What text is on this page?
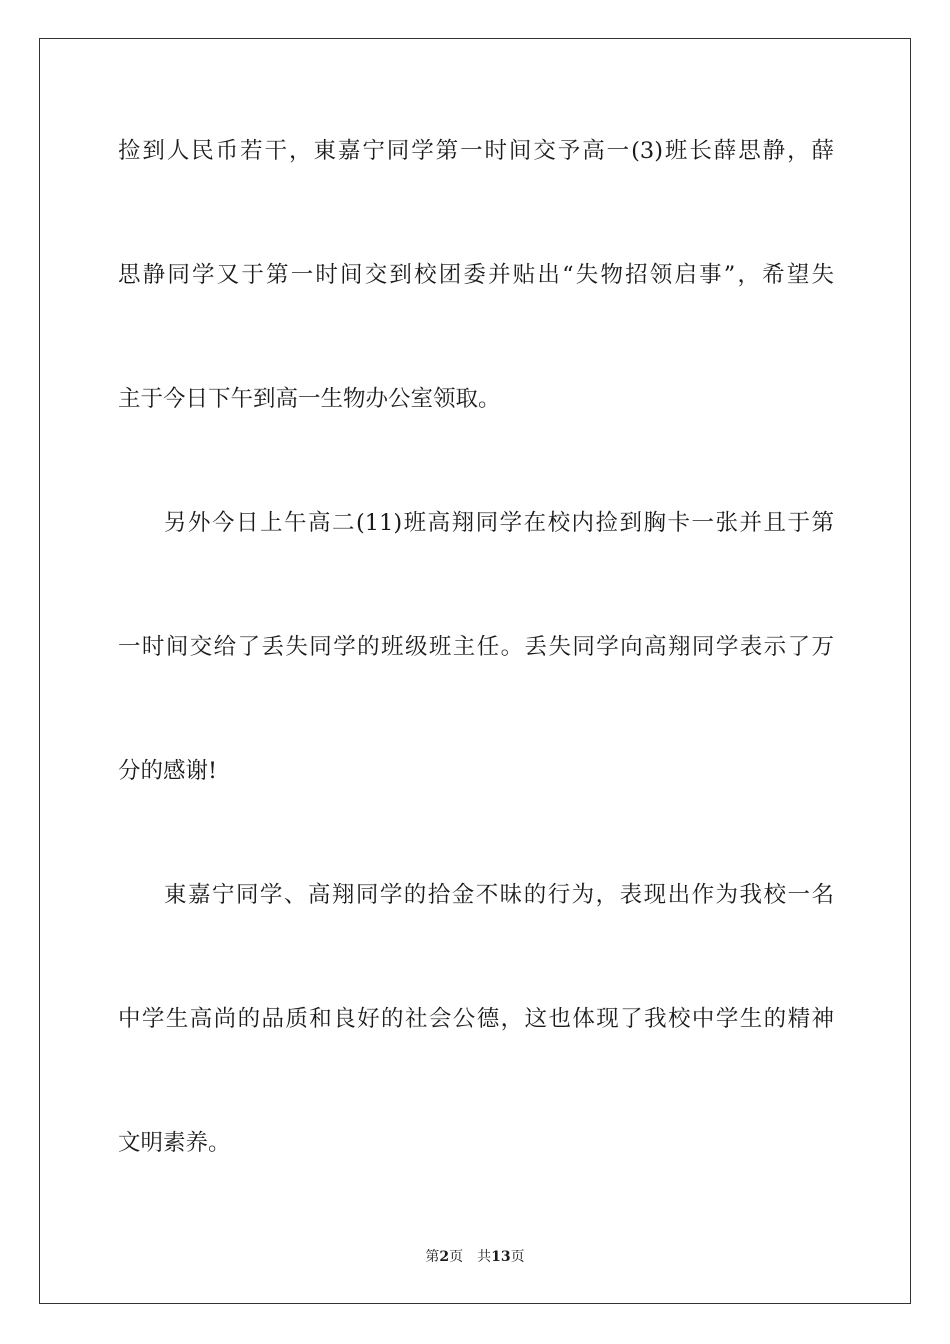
捡到人民币若干，東嘉宁同学第一时间交予高一(3)班长薛思静，薛
思静同学又于第一时间交到校团委并贴出“失物招领启事”，希望失
主于今日下午到高一生物办公室领取。
另外今日上午高二(11)班高翔同学在校内捡到胸卡一张并且于第
一时间交给了丢失同学的班级班主任。丢失同学向高翔同学表示了万
分的感谢!
東嘉宁同学、高翔同学的拾金不昧的行为，表现出作为我校一名
中学生高尚的品质和良好的社会公德，这也体现了我校中学生的精神
文明素养。
第2页 共13页
